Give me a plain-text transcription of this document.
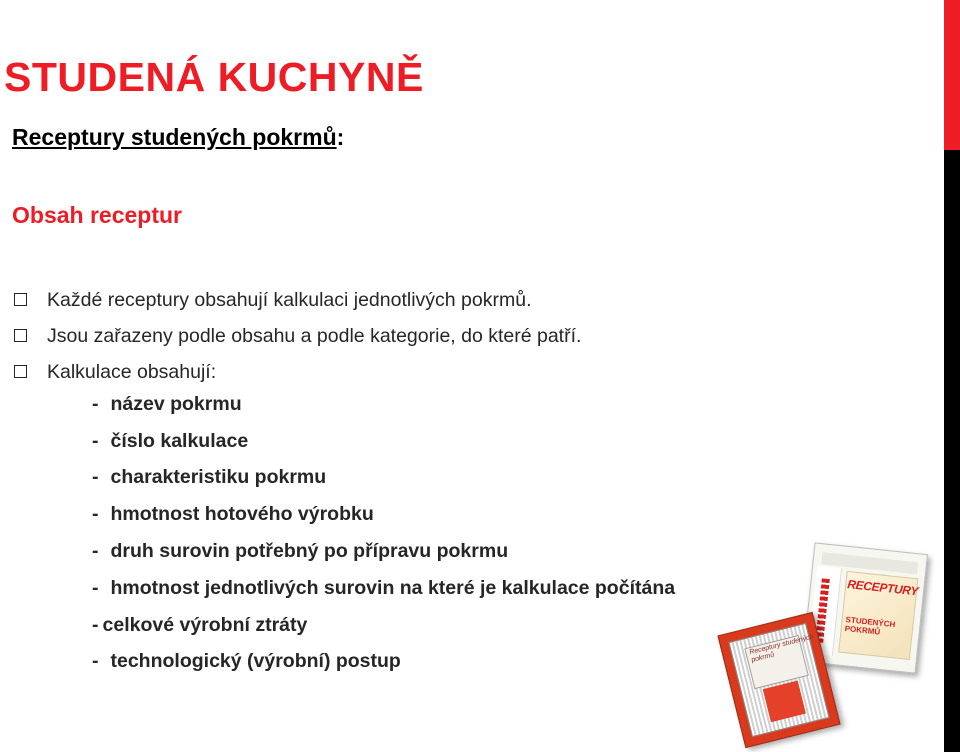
STUDENÁ KUCHYNĚ
Receptury studených pokrmů:
Obsah receptur
Každé receptury obsahují kalkulaci jednotlivých pokrmů.
Jsou zařazeny podle obsahu a podle kategorie, do které patří.
Kalkulace obsahují:
- název pokrmu
- číslo kalkulace
- charakteristiku pokrmu
- hmotnost hotového výrobku
- druh surovin potřebný po přípravu pokrmu
- hmotnost jednotlivých surovin na které je kalkulace počítána
- celkové výrobní ztráty
- technologický (výrobní) postup
RECEPTURY
STUDENÝCH POKRMŮ
Receptury studených pokrmů
